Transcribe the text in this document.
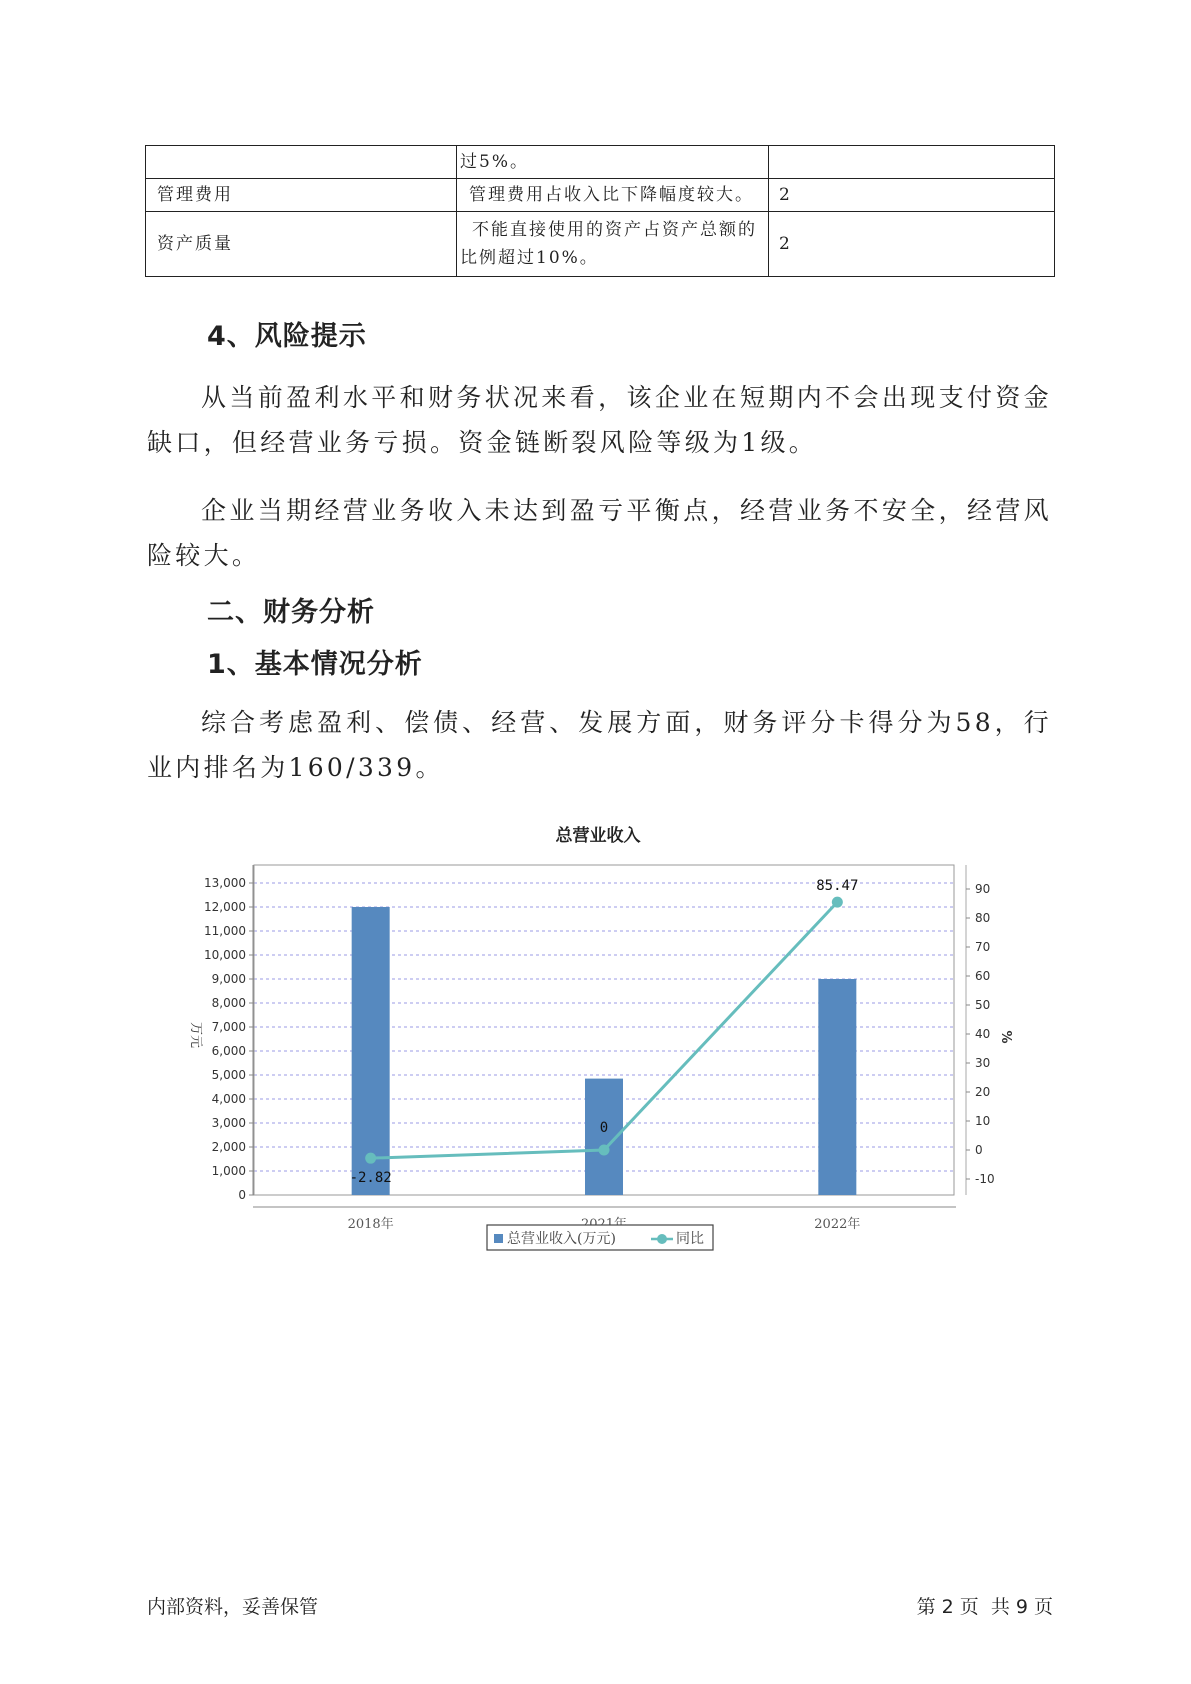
	过5%。	
管理费用	管理费用占收入比下降幅度较大。	2
资产质量	不能直接使用的资产占资产总额的比例超过10%。	2
4、风险提示

从当前盈利水平和财务状况来看，该企业在短期内不会出现支付资金缺口，但经营业务亏损。资金链断裂风险等级为1级。

企业当期经营业务收入未达到盈亏平衡点，经营业务不安全，经营风险较大。

二、财务分析
1、基本情况分析

综合考虑盈利、偿债、经营、发展方面，财务评分卡得分为58，行业内排名为160/339。

总营业收入
0
1,000
2,000
3,000
4,000
5,000
6,000
7,000
8,000
9,000
10,000
11,000
12,000
13,000
-10
0
10
20
30
40
50
60
70
80
90
万元	%
2018年	2022年
-2.82
0
85.47
总营业收入(万元)	同比
内部资料，妥善保管	第 2 页  共 9 页
